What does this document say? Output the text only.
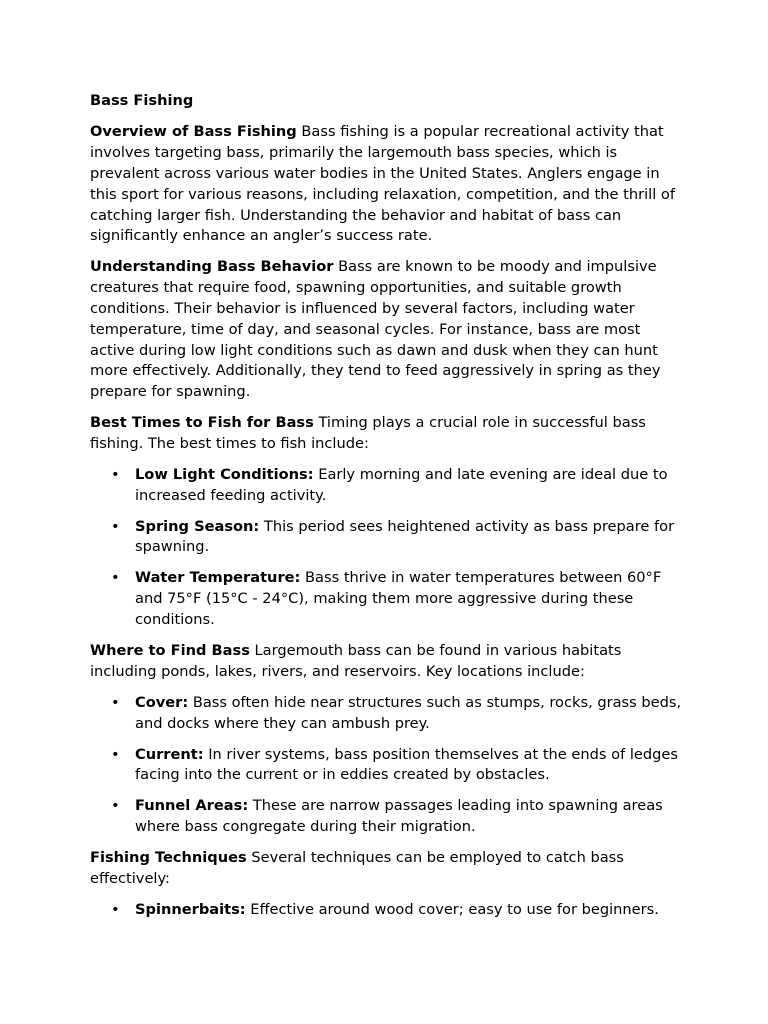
Bass Fishing

Overview of Bass Fishing Bass fishing is a popular recreational activity that involves targeting bass, primarily the largemouth bass species, which is prevalent across various water bodies in the United States. Anglers engage in this sport for various reasons, including relaxation, competition, and the thrill of catching larger fish. Understanding the behavior and habitat of bass can significantly enhance an angler’s success rate.

Understanding Bass Behavior Bass are known to be moody and impulsive creatures that require food, spawning opportunities, and suitable growth conditions. Their behavior is influenced by several factors, including water temperature, time of day, and seasonal cycles. For instance, bass are most active during low light conditions such as dawn and dusk when they can hunt more effectively. Additionally, they tend to feed aggressively in spring as they prepare for spawning.

Best Times to Fish for Bass Timing plays a crucial role in successful bass fishing. The best times to fish include:

• Low Light Conditions: Early morning and late evening are ideal due to increased feeding activity.
• Spring Season: This period sees heightened activity as bass prepare for spawning.
• Water Temperature: Bass thrive in water temperatures between 60°F and 75°F (15°C - 24°C), making them more aggressive during these conditions.

Where to Find Bass Largemouth bass can be found in various habitats including ponds, lakes, rivers, and reservoirs. Key locations include:

• Cover: Bass often hide near structures such as stumps, rocks, grass beds, and docks where they can ambush prey.
• Current: In river systems, bass position themselves at the ends of ledges facing into the current or in eddies created by obstacles.
• Funnel Areas: These are narrow passages leading into spawning areas where bass congregate during their migration.

Fishing Techniques Several techniques can be employed to catch bass effectively:

• Spinnerbaits: Effective around wood cover; easy to use for beginners.
